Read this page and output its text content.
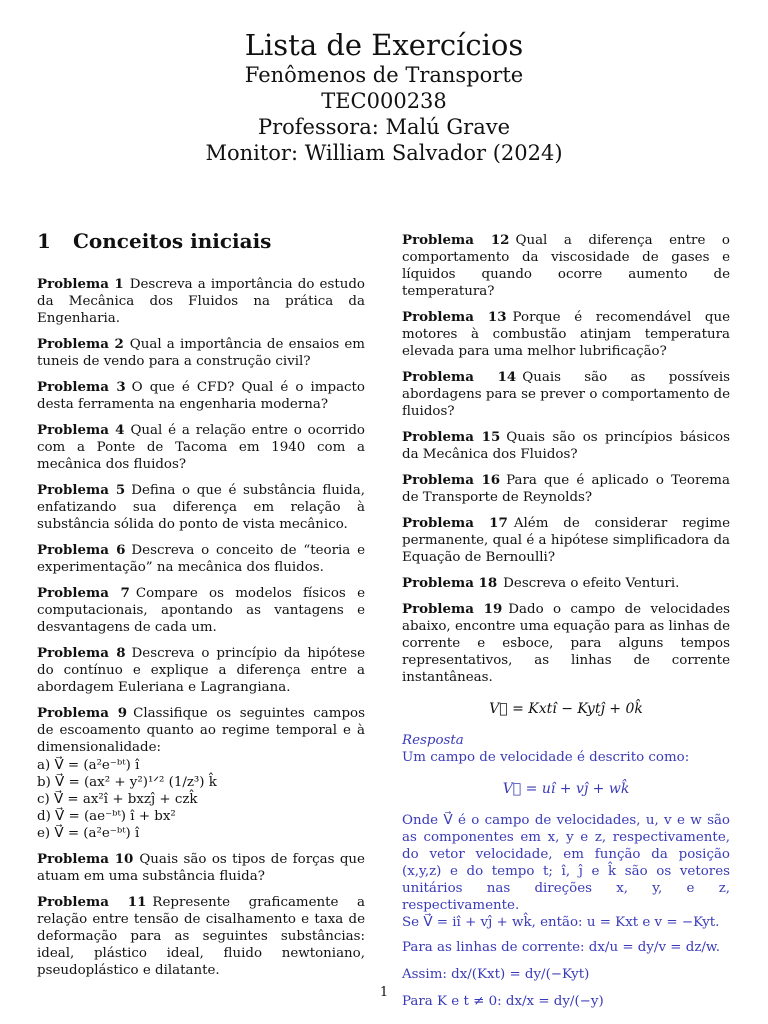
Lista de Exercícios
Fenômenos de Transporte
TEC000238
Professora: Malú Grave
Monitor: William Salvador (2024)
1 Conceitos iniciais

Problema 1 Descreva a importância do estudo da Mecânica dos Fluidos na prática da Engenharia.

Problema 2 Qual a importância de ensaios em tuneis de vendo para a construção civil?

Problema 3 O que é CFD? Qual é o impacto desta ferramenta na engenharia moderna?

Problema 4 Qual é a relação entre o ocorrido com a Ponte de Tacoma em 1940 com a mecânica dos fluidos?

Problema 5 Defina o que é substância fluida, enfatizando sua diferença em relação à substância sólida do ponto de vista mecânico.

Problema 6 Descreva o conceito de “teoria e experimentação” na mecânica dos fluidos.

Problema 7 Compare os modelos físicos e computacionais, apontando as vantagens e desvantagens de cada um.

Problema 8 Descreva o princípio da hipótese do contínuo e explique a diferença entre a abordagem Euleriana e Lagrangiana.

Problema 9 Classifique os seguintes campos de escoamento quanto ao regime temporal e à dimensionalidade:

a) V⃗ = (a²e⁻ᵇᵗ) î
b) V⃗ = (ax² + y²)¹ᐟ² (1/z³) k̂
c) V⃗ = ax²î + bxzĵ + czk̂
d) V⃗ = (ae⁻ᵇᵗ) î + bx²
e) V⃗ = (a²e⁻ᵇᵗ) î

Problema 10 Quais são os tipos de forças que atuam em uma substância fluida?

Problema 11 Represente graficamente a relação entre tensão de cisalhamento e taxa de deformação para as seguintes substâncias: ideal, plástico ideal, fluido newtoniano, pseudoplástico e dilatante.

Problema 12 Qual a diferença entre o comportamento da viscosidade de gases e líquidos quando ocorre aumento de temperatura?

Problema 13 Porque é recomendável que motores à combustão atinjam temperatura elevada para uma melhor lubrificação?

Problema 14 Quais são as possíveis abordagens para se prever o comportamento de fluidos?

Problema 15 Quais são os princípios básicos da Mecânica dos Fluidos?

Problema 16 Para que é aplicado o Teorema de Transporte de Reynolds?

Problema 17 Além de considerar regime permanente, qual é a hipótese simplificadora da Equação de Bernoulli?

Problema 18 Descreva o efeito Venturi.

Problema 19 Dado o campo de velocidades abaixo, encontre uma equação para as linhas de corrente e esboce, para alguns tempos representativos, as linhas de corrente instantâneas.

V⃗ = Kxtî − Kytĵ + 0k̂

Resposta

Um campo de velocidade é descrito como:

V⃗ = uî + vĵ + wk̂

Onde V⃗ é o campo de velocidades, u, v e w são as componentes em x, y e z, respectivamente, do vetor velocidade, em função da posição (x,y,z) e do tempo t; î, ĵ e k̂ são os vetores unitários nas direções x, y, e z, respectivamente.

Se V⃗ = iî + vĵ + wk̂, então: u = Kxt e v = −Kyt.

Para as linhas de corrente: dx/u = dy/v = dz/w.

Assim: dx/(Kxt) = dy/(−Kyt)

Para K e t ≠ 0: dx/x = dy/(−y)

1
